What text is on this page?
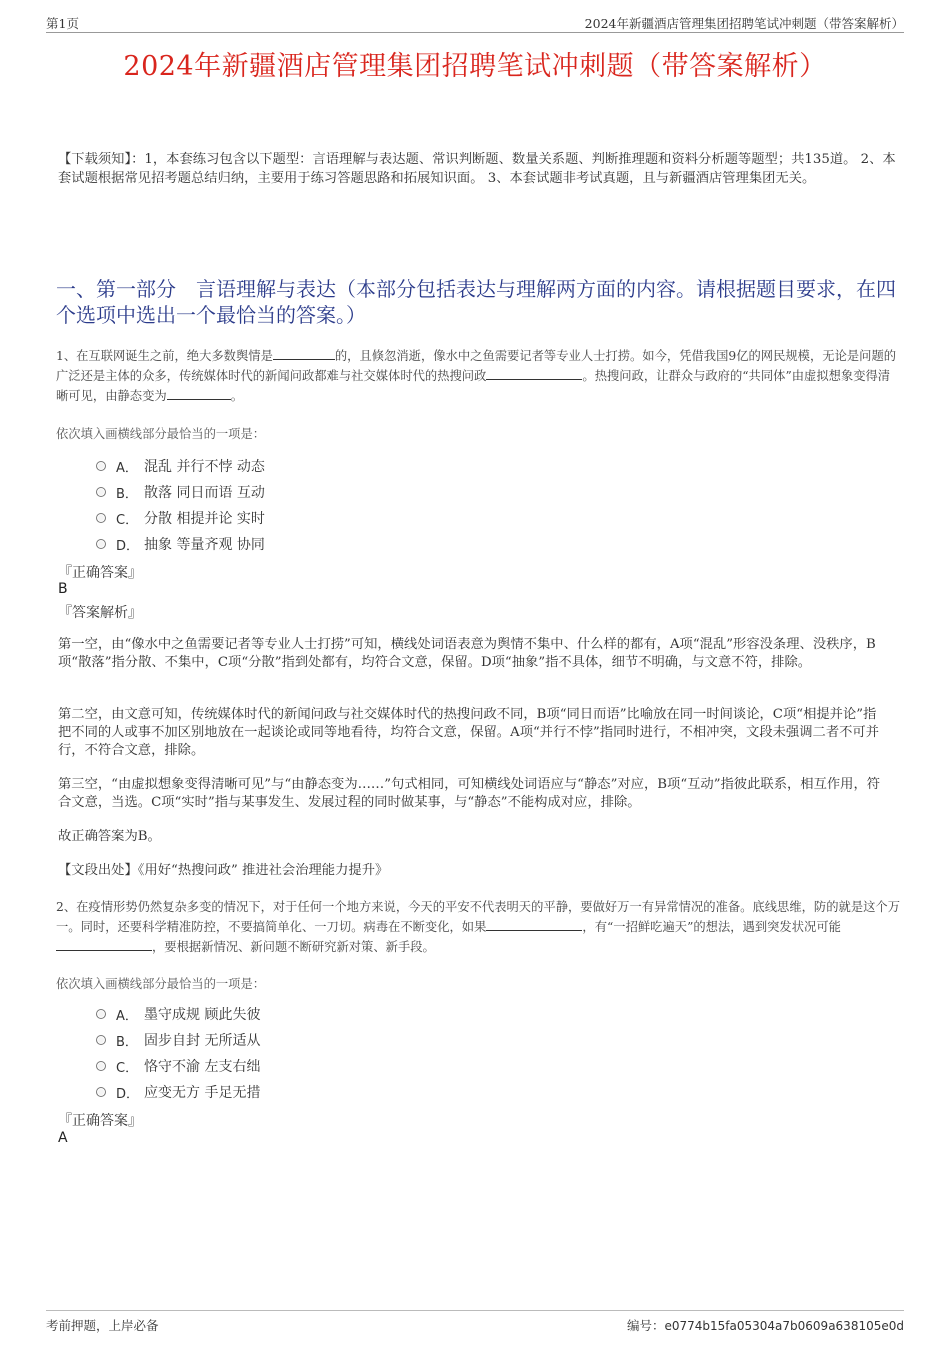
第1页	2024年新疆酒店管理集团招聘笔试冲刺题（带答案解析）
2024年新疆酒店管理集团招聘笔试冲刺题（带答案解析）
【下载须知】：1，本套练习包含以下题型：言语理解与表达题、常识判断题、数量关系题、判断推理题和资料分析题等题型；共135道。 2、本套试题根据常见招考题总结归纳，主要用于练习答题思路和拓展知识面。 3、本套试题非考试真题，且与新疆酒店管理集团无关。
一、第一部分　言语理解与表达（本部分包括表达与理解两方面的内容。请根据题目要求，在四个选项中选出一个最恰当的答案。）
1、在互联网诞生之前，绝大多数舆情是	的，且倏忽消逝，像水中之鱼需要记者等专业人士打捞。如今，凭借我国9亿的网民规模，无论是问题的广泛还是主体的众多，传统媒体时代的新闻问政都难与社交媒体时代的热搜问政	。热搜问政，让群众与政府的“共同体”由虚拟想象变得清晰可见，由静态变为	。
依次填入画横线部分最恰当的一项是：
A． 混乱 并行不悖 动态
B． 散落 同日而语 互动
C． 分散 相提并论 实时
D． 抽象 等量齐观 协同
『正确答案』
B
『答案解析』
第一空，由“像水中之鱼需要记者等专业人士打捞”可知，横线处词语表意为舆情不集中、什么样的都有，A项“混乱”形容没条理、没秩序，B项“散落”指分散、不集中，C项“分散”指到处都有，均符合文意，保留。D项“抽象”指不具体，细节不明确，与文意不符，排除。
第二空，由文意可知，传统媒体时代的新闻问政与社交媒体时代的热搜问政不同，B项“同日而语”比喻放在同一时间谈论，C项“相提并论”指把不同的人或事不加区别地放在一起谈论或同等地看待，均符合文意，保留。A项“并行不悖”指同时进行，不相冲突，文段未强调二者不可并行，不符合文意，排除。
第三空，“由虚拟想象变得清晰可见”与“由静态变为……”句式相同，可知横线处词语应与“静态”对应，B项“互动”指彼此联系，相互作用，符合文意，当选。C项“实时”指与某事发生、发展过程的同时做某事，与“静态”不能构成对应，排除。
故正确答案为B。
【文段出处】《用好“热搜问政” 推进社会治理能力提升》
2、在疫情形势仍然复杂多变的情况下，对于任何一个地方来说，今天的平安不代表明天的平静，要做好万一有异常情况的准备。底线思维，防的就是这个万一。同时，还要科学精准防控，不要搞简单化、一刀切。病毒在不断变化，如果	，有“一招鲜吃遍天”的想法，遇到突发状况可能，要根据新情况、新问题不断研究新对策、新手段。
依次填入画横线部分最恰当的一项是：
A． 墨守成规 顾此失彼
B． 固步自封 无所适从
C． 恪守不渝 左支右绌
D． 应变无方 手足无措
『正确答案』
A
考前押题，上岸必备	编号：e0774b15fa05304a7b0609a638105e0d
